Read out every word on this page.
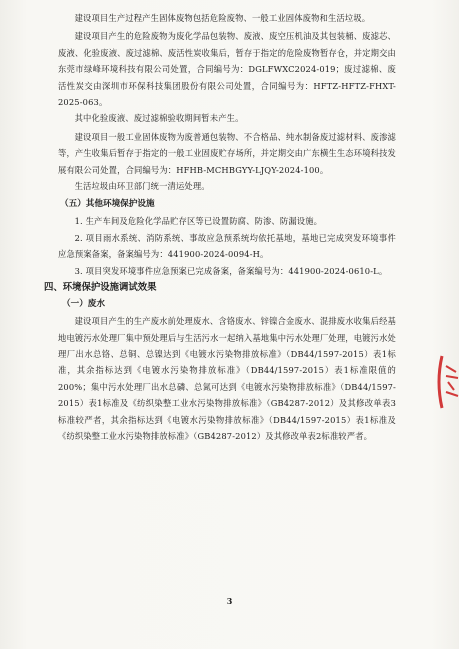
建设项目生产过程产生固体废物包括危险废物、一般工业固体废物和生活垃圾。

建设项目产生的危险废物为废化学品包装物、废液、废空压机油及其包装桶、废滤芯、废液、化验废液、废过滤棉、废活性炭收集后，暂存于指定的危险废物暂存仓，并定期交由东莞市绿峰环境科技有限公司处置，合同编号为：DGLFWXC2024-019；废过滤棉、废活性炭交由深圳市环保科技集团股份有限公司处置，合同编号为：HFTZ-HFTZ-FHXT-2025-063。

其中化验废液、废过滤棉验收期间暂未产生。

建设项目一般工业固体废物为废普通包装物、不合格品、纯水制备废过滤材料、废渗滤等，产生收集后暂存于指定的一般工业固废贮存场所，并定期交由广东横生生态环境科技发展有限公司处置，合同编号为：HFHB-MCHBGYY-LJQY-2024-100。

生活垃圾由环卫部门统一清运处理。

（五）其他环境保护设施

1. 生产车间及危险化学品贮存区等已设置防腐、防渗、防漏设施。

2. 项目雨水系统、消防系统、事故应急预系统均依托基地，基地已完成突发环境事件应急预案备案，备案编号为：441900-2024-0094-H。

3. 项目突发环境事件应急预案已完成备案，备案编号为：441900-2024-0610-L。

四、环境保护设施调试效果
（一）废水

建设项目产生的生产废水前处理废水、含铬废水、锌镍合金废水、混排废水收集后经基地电镀污水处理厂集中预处理后与生活污水一起纳入基地集中污水处理厂处理，电镀污水处理厂出水总铬、总铜、总镍达到《电镀水污染物排放标准》（DB44/1597-2015）表1标准，其余指标达到《电镀水污染物排放标准》（DB44/1597-2015）表1标准限值的200%；集中污水处理厂出水总磷、总氮可达到《电镀水污染物排放标准》（DB44/1597-2015）表1标准及《纺织染整工业水污染物排放标准》（GB4287-2012）及其修改单表3标准较严者，其余指标达到《电镀水污染物排放标准》（DB44/1597-2015）表1标准及《纺织染整工业水污染物排放标准》（GB4287-2012）及其修改单表2标准较严者。

3
